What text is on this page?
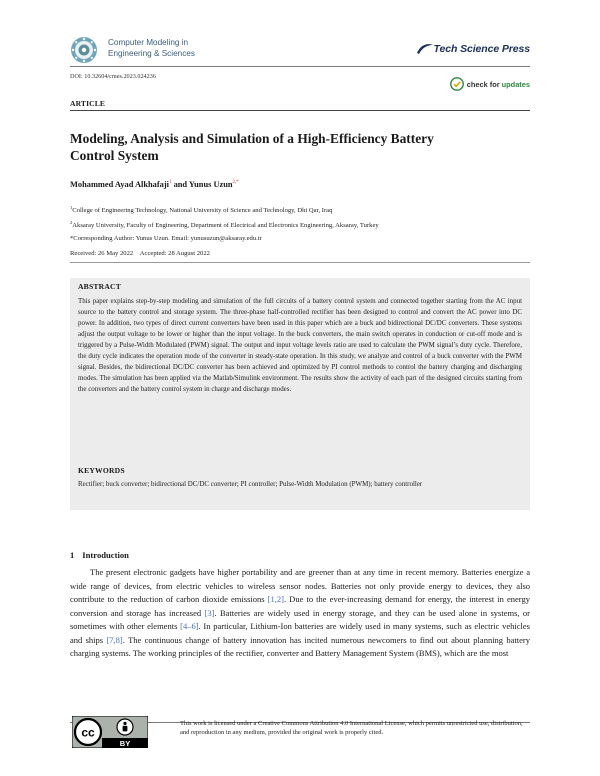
Computer Modeling in
Engineering & Sciences	Tech Science Press
DOI: 10.32604/cmes.2023.024236
check for updates
ARTICLE
Modeling, Analysis and Simulation of a High-Efficiency Battery
Control System
Mohammed Ayad Alkhafaji$^1$ and Yunus Uzun$^{2,*}$
$^1$College of Engineering Technology, National University of Science and Technology, Dhi Qar, Iraq
$^2$Aksaray University, Faculty of Engineering, Department of Electrical and Electronics Engineering, Aksaray, Turkey
*Corresponding Author: Yunus Uzun. Email: yunusuzun@aksaray.edu.tr
Received: 26 May 2022 Accepted: 28 August 2022
ABSTRACT
This paper explains step-by-step modeling and simulation of the full circuits of a battery control system and connected together starting from the AC input source to the battery control and storage system. The three-phase half-controlled rectifier has been designed to control and convert the AC power into DC power. In addition, two types of direct current converters have been used in this paper which are a buck and bidirectional DC/DC converters. These systems adjust the output voltage to be lower or higher than the input voltage. In the buck converters, the main switch operates in conduction or cut-off mode and is triggered by a Pulse-Width Modulated (PWM) signal. The output and input voltage levels ratio are used to calculate the PWM signal’s duty cycle. Therefore, the duty cycle indicates the operation mode of the converter in steady-state operation. In this study, we analyze and control of a buck converter with the PWM signal. Besides, the bidirectional DC/DC converter has been achieved and optimized by PI control methods to control the battery charging and discharging modes. The simulation has been applied via the Matlab/Simulink environment. The results show the activity of each part of the designed circuits starting from the converters and the battery control system in charge and discharge modes.
KEYWORDS
Rectifier; buck converter; bidirectional DC/DC converter; PI controller; Pulse-Width Modulation (PWM); battery controller
1 Introduction
The present electronic gadgets have higher portability and are greener than at any time in recent memory. Batteries energize a wide range of devices, from electric vehicles to wireless sensor nodes. Batteries not only provide energy to devices, they also contribute to the reduction of carbon dioxide emissions [1,2]. Due to the ever-increasing demand for energy, the interest in energy conversion and storage has increased [3]. Batteries are widely used in energy storage, and they can be used alone in systems, or sometimes with other elements [4–6]. In particular, Lithium-Ion batteries are widely used in many systems, such as electric vehicles and ships [7,8]. The continuous change of battery innovation has incited numerous newcomers to find out about planning battery charging systems. The working principles of the rectifier, converter and Battery Management System (BMS), which are the most
cc
BY
This work is licensed under a Creative Commons Attribution 4.0 International License, which permits unrestricted use, distribution, and reproduction in any medium, provided the original work is properly cited.
